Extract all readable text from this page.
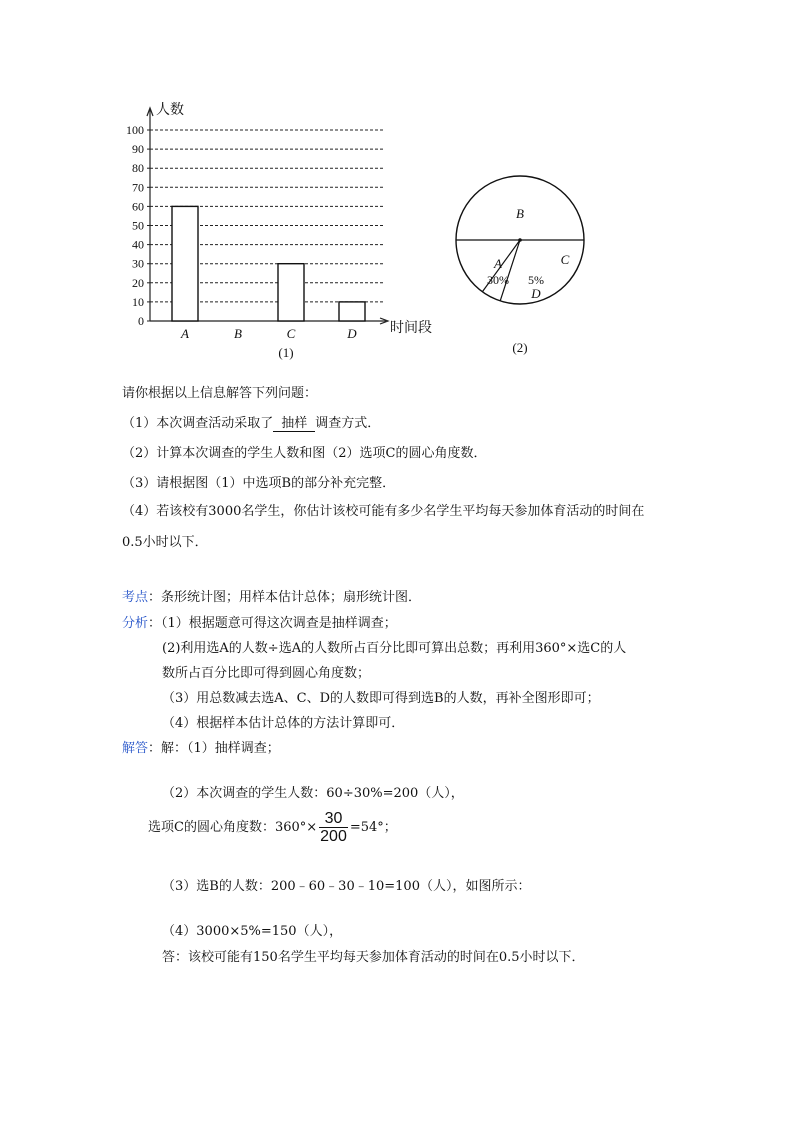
0
10
20
30
40
50
60
70
80
90
100
A	B	C	D
人数
时间段
(1)
B
A
30%
D
5%
C
(2)
请你根据以上信息解答下列问题：
（1）本次调查活动采取了 抽样 调查方式．
（2）计算本次调查的学生人数和图（2）选项C的圆心角度数．
（3）请根据图（1）中选项B的部分补充完整．
（4）若该校有3000名学生，你估计该校可能有多少名学生平均每天参加体育活动的时间在
0.5小时以下．
考点：条形统计图；用样本估计总体；扇形统计图．
分析：（1）根据题意可得这次调查是抽样调查；
(2)利用选A的人数÷选A的人数所占百分比即可算出总数；再利用360°×选C的人
数所占百分比即可得到圆心角度数；
（3）用总数减去选A、C、D的人数即可得到选B的人数，再补全图形即可；
（4）根据样本估计总体的方法计算即可．
解答：解：（1）抽样调查；
（2）本次调查的学生人数：60÷30%=200（人），
选项C的圆心角度数：$360^\circ\times \frac{30}{200} =54^\circ$；
（3）选B的人数：200﹣60﹣30﹣10=100（人），如图所示：
（4）3000×5%=150（人），
答：该校可能有150名学生平均每天参加体育活动的时间在0.5小时以下．
